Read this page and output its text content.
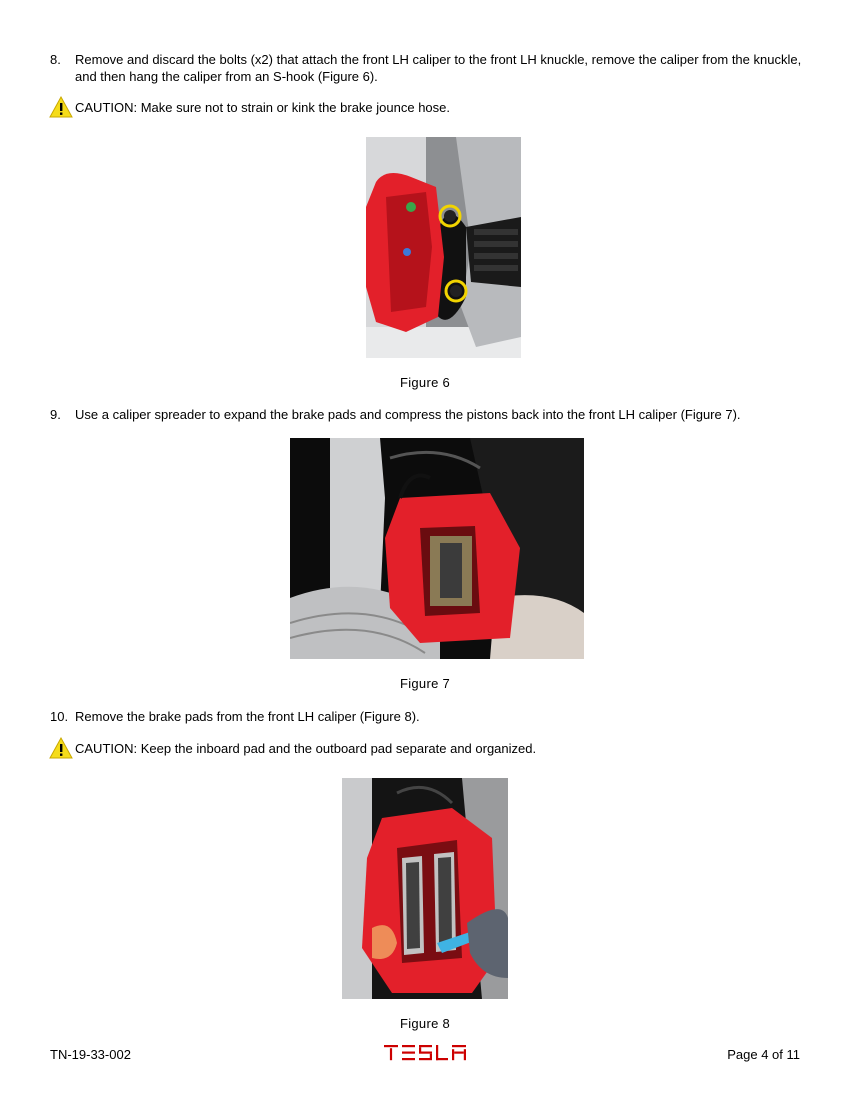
8. Remove and discard the bolts (x2) that attach the front LH caliper to the front LH knuckle, remove the caliper from the knuckle, and then hang the caliper from an S-hook (Figure 6).
CAUTION: Make sure not to strain or kink the brake jounce hose.
Figure 6
9. Use a caliper spreader to expand the brake pads and compress the pistons back into the front LH caliper (Figure 7).
Figure 7
10. Remove the brake pads from the front LH caliper (Figure 8).
CAUTION: Keep the inboard pad and the outboard pad separate and organized.
Figure 8
TN-19-33-002	Page 4 of 11
